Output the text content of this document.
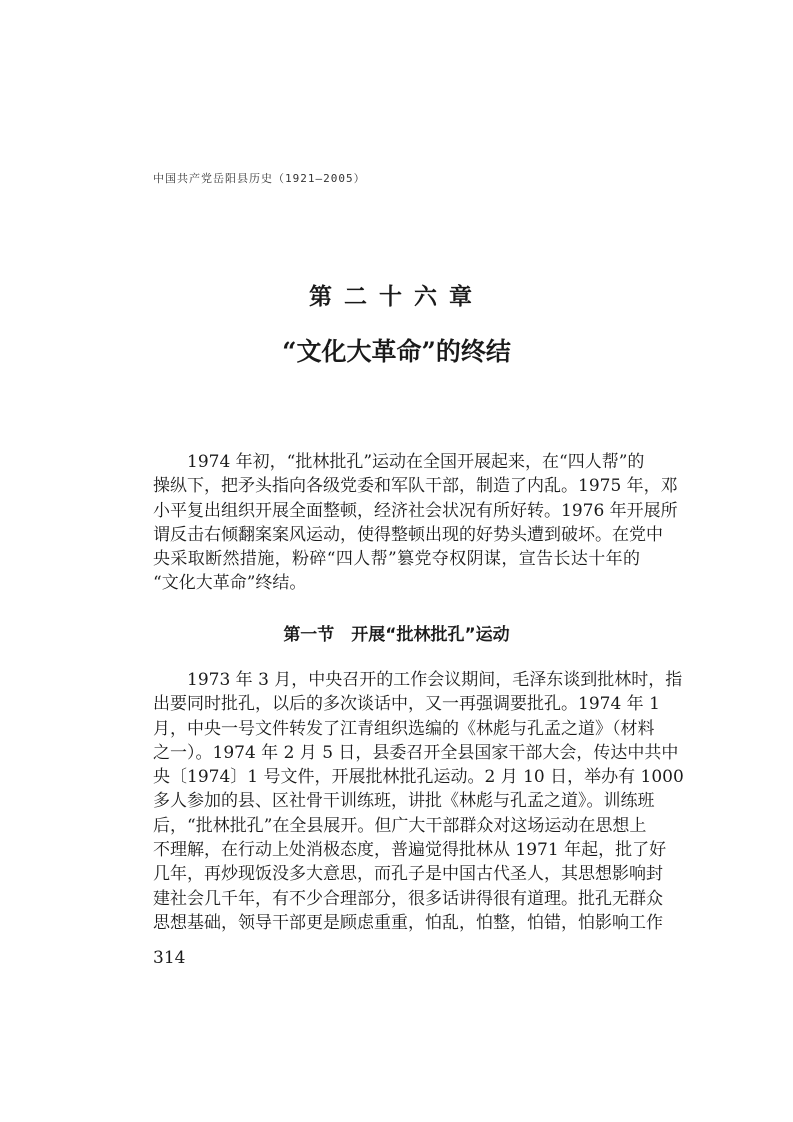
中国共产党岳阳县历史（1921—2005）
第二十六章
“文化大革命”的终结
　　1974 年初，“批林批孔”运动在全国开展起来，在“四人帮”的
操纵下，把矛头指向各级党委和军队干部，制造了内乱。1975 年，邓
小平复出组织开展全面整顿，经济社会状况有所好转。1976 年开展所
谓反击右倾翻案案风运动，使得整顿出现的好势头遭到破坏。在党中
央采取断然措施，粉碎“四人帮”篡党夺权阴谋，宣告长达十年的
“文化大革命”终结。
第一节　开展“批林批孔”运动
　　1973 年 3 月，中央召开的工作会议期间，毛泽东谈到批林时，指
出要同时批孔，以后的多次谈话中，又一再强调要批孔。1974 年 1
月，中央一号文件转发了江青组织选编的《林彪与孔孟之道》（材料
之一）。1974 年 2 月 5 日，县委召开全县国家干部大会，传达中共中
央〔1974〕1 号文件，开展批林批孔运动。2 月 10 日，举办有 1000
多人参加的县、区社骨干训练班，讲批《林彪与孔孟之道》。训练班
后，“批林批孔”在全县展开。但广大干部群众对这场运动在思想上
不理解，在行动上处消极态度，普遍觉得批林从 1971 年起，批了好
几年，再炒现饭没多大意思，而孔子是中国古代圣人，其思想影响封
建社会几千年，有不少合理部分，很多话讲得很有道理。批孔无群众
思想基础，领导干部更是顾虑重重，怕乱，怕整，怕错，怕影响工作
314
